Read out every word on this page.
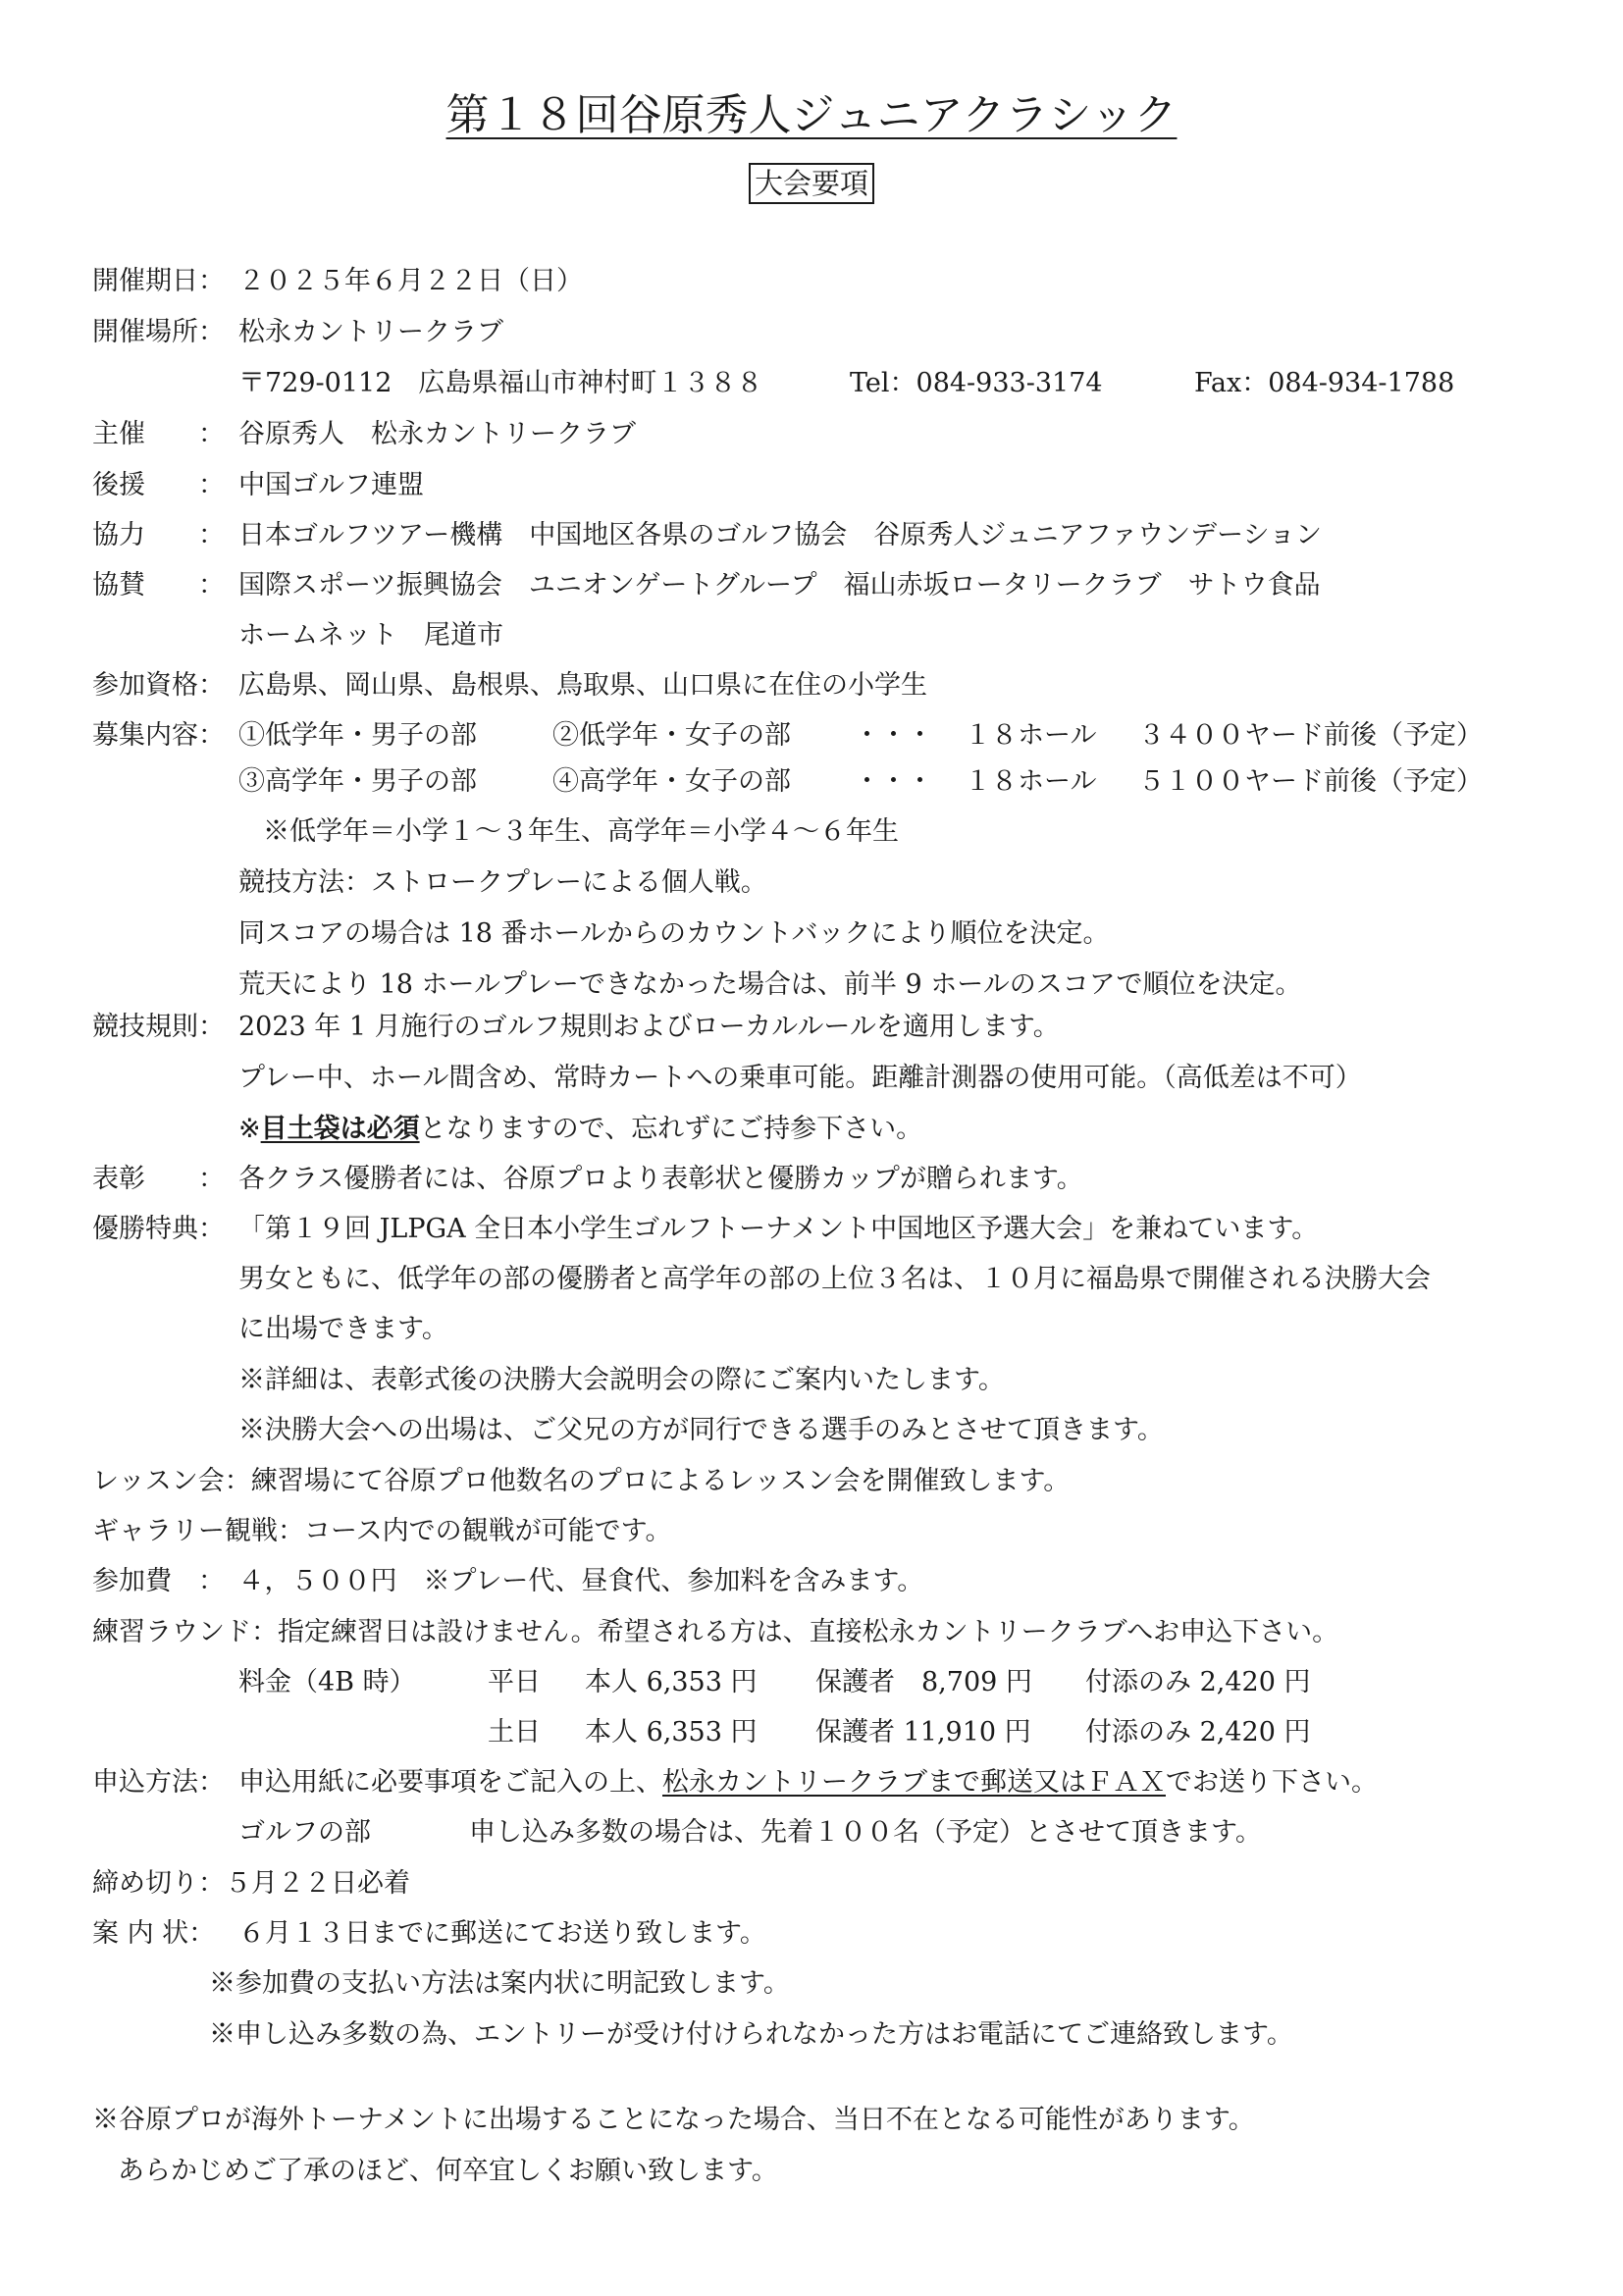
第１８回谷原秀人ジュニアクラシック
大会要項
開催期日： ２０２５年６月２２日（日）
開催場所： 松永カントリークラブ
〒729-0112　広島県福山市神村町１３８８	Tel：084‐933‐3174	Fax：084‐934‐1788
主催　　： 谷原秀人　松永カントリークラブ
後援　　： 中国ゴルフ連盟
協力　　： 日本ゴルフツアー機構　中国地区各県のゴルフ協会　谷原秀人ジュニアファウンデーション
協賛　　： 国際スポーツ振興協会　ユニオンゲートグループ　福山赤坂ロータリークラブ　サトウ食品
ホームネット　尾道市
参加資格： 広島県、岡山県、島根県、鳥取県、山口県に在住の小学生
募集内容： ①低学年・男子の部	②低学年・女子の部 ・・・ １８ホール ３４００ヤード前後（予定）
③高学年・男子の部	④高学年・女子の部 ・・・ １８ホール ５１００ヤード前後（予定）
※低学年＝小学１～３年生、高学年＝小学４～６年生
競技方法：ストロークプレーによる個人戦。
同スコアの場合は 18 番ホールからのカウントバックにより順位を決定。
荒天により 18 ホールプレーできなかった場合は、前半 9 ホールのスコアで順位を決定。
競技規則： 2023 年 1 月施行のゴルフ規則およびローカルルールを適用します。
プレー中、ホール間含め、常時カートへの乗車可能。距離計測器の使用可能。（高低差は不可）
※目土袋は必須となりますので、忘れずにご持参下さい。
表彰　　： 各クラス優勝者には、谷原プロより表彰状と優勝カップが贈られます。
優勝特典： 「第１９回 JLPGA 全日本小学生ゴルフトーナメント中国地区予選大会」を兼ねています。
男女ともに、低学年の部の優勝者と高学年の部の上位３名は、１０月に福島県で開催される決勝大会
に出場できます。
※詳細は、表彰式後の決勝大会説明会の際にご案内いたします。
※決勝大会への出場は、ご父兄の方が同行できる選手のみとさせて頂きます。
レッスン会：練習場にて谷原プロ他数名のプロによるレッスン会を開催致します。
ギャラリー観戦：コース内での観戦が可能です。
参加費　：　４，５００円　※プレー代、昼食代、参加料を含みます。
練習ラウンド：指定練習日は設けません。希望される方は、直接松永カントリークラブへお申込下さい。
料金（4B 時）	平日 本人 6,353 円 保護者　8,709 円 付添のみ 2,420 円
土日 本人 6,353 円 保護者 11,910 円 付添のみ 2,420 円
申込方法： 申込用紙に必要事項をご記入の上、松永カントリークラブまで郵送又はＦＡＸでお送り下さい。
ゴルフの部	申し込み多数の場合は、先着１００名（予定）とさせて頂きます。
締め切り：５月２２日必着
案 内 状： ６月１３日までに郵送にてお送り致します。
※参加費の支払い方法は案内状に明記致します。
※申し込み多数の為、エントリーが受け付けられなかった方はお電話にてご連絡致します。
※谷原プロが海外トーナメントに出場することになった場合、当日不在となる可能性があります。
あらかじめご了承のほど、何卒宜しくお願い致します。
